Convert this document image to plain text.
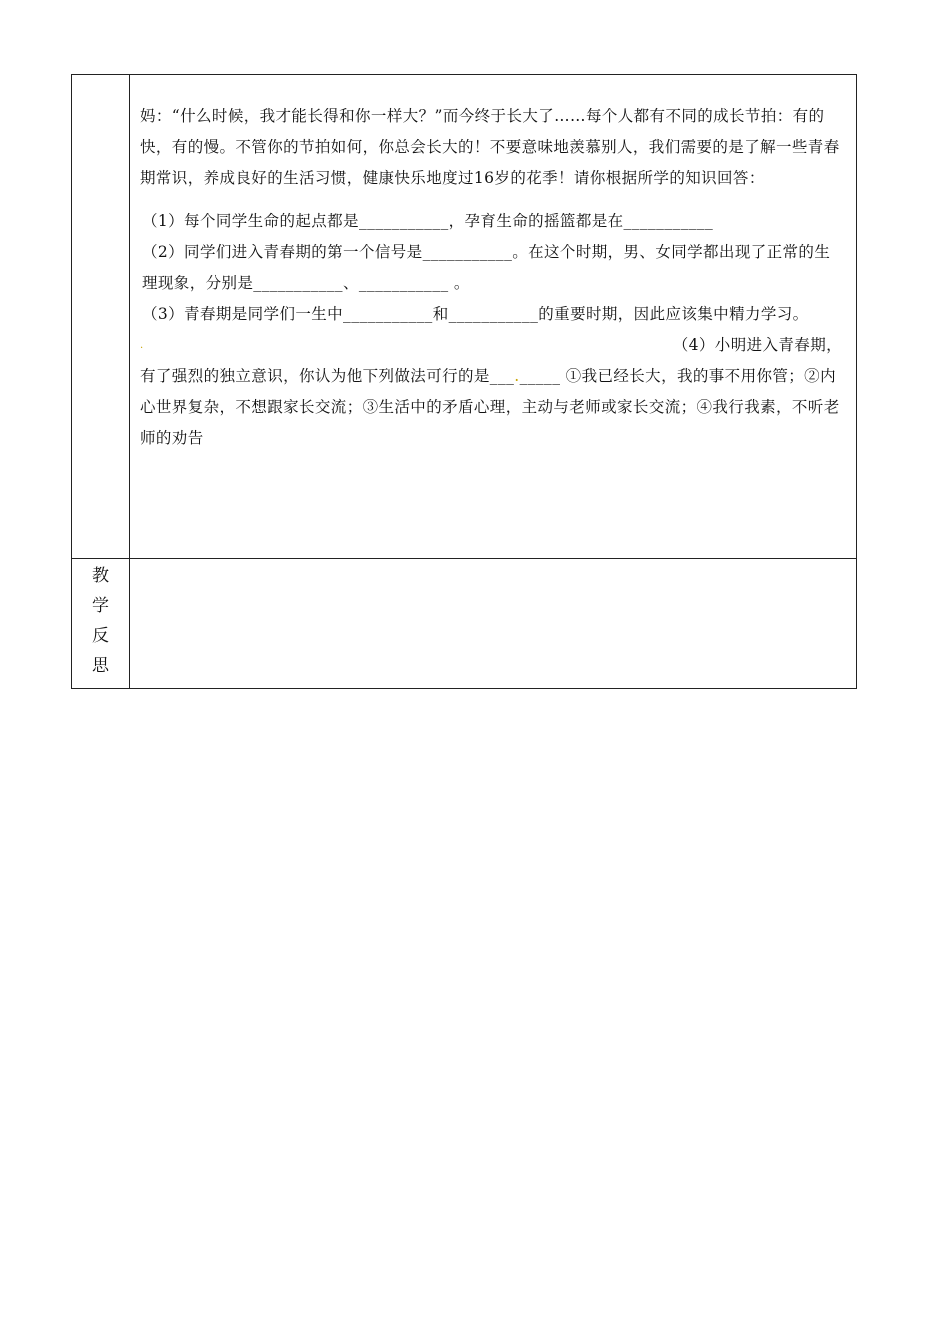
妈：“什么时候，我才能长得和你一样大？”而今终于长大了……每个人都有不同的成长节拍：有的快，有的慢。不管你的节拍如何，你总会长大的！不要意味地羡慕别人，我们需要的是了解一些青春期常识，养成良好的生活习惯，健康快乐地度过16岁的花季！请你根据所学的知识回答：

（1）每个同学生命的起点都是___________，孕育生命的摇篮都是在___________

（2）同学们进入青春期的第一个信号是___________。在这个时期，男、女同学都出现了正常的生理现象，分别是___________、___________ 。

（3）青春期是同学们一生中___________和___________的重要时期，因此应该集中精力学习。

.	（4）小明进入青春期，

有了强烈的独立意识，你认为他下列做法可行的是___._____ ①我已经长大，我的事不用你管；②内心世界复杂，不想跟家长交流；③生活中的矛盾心理，主动与老师或家长交流；④我行我素，不听老师的劝告

教
学
反
思
